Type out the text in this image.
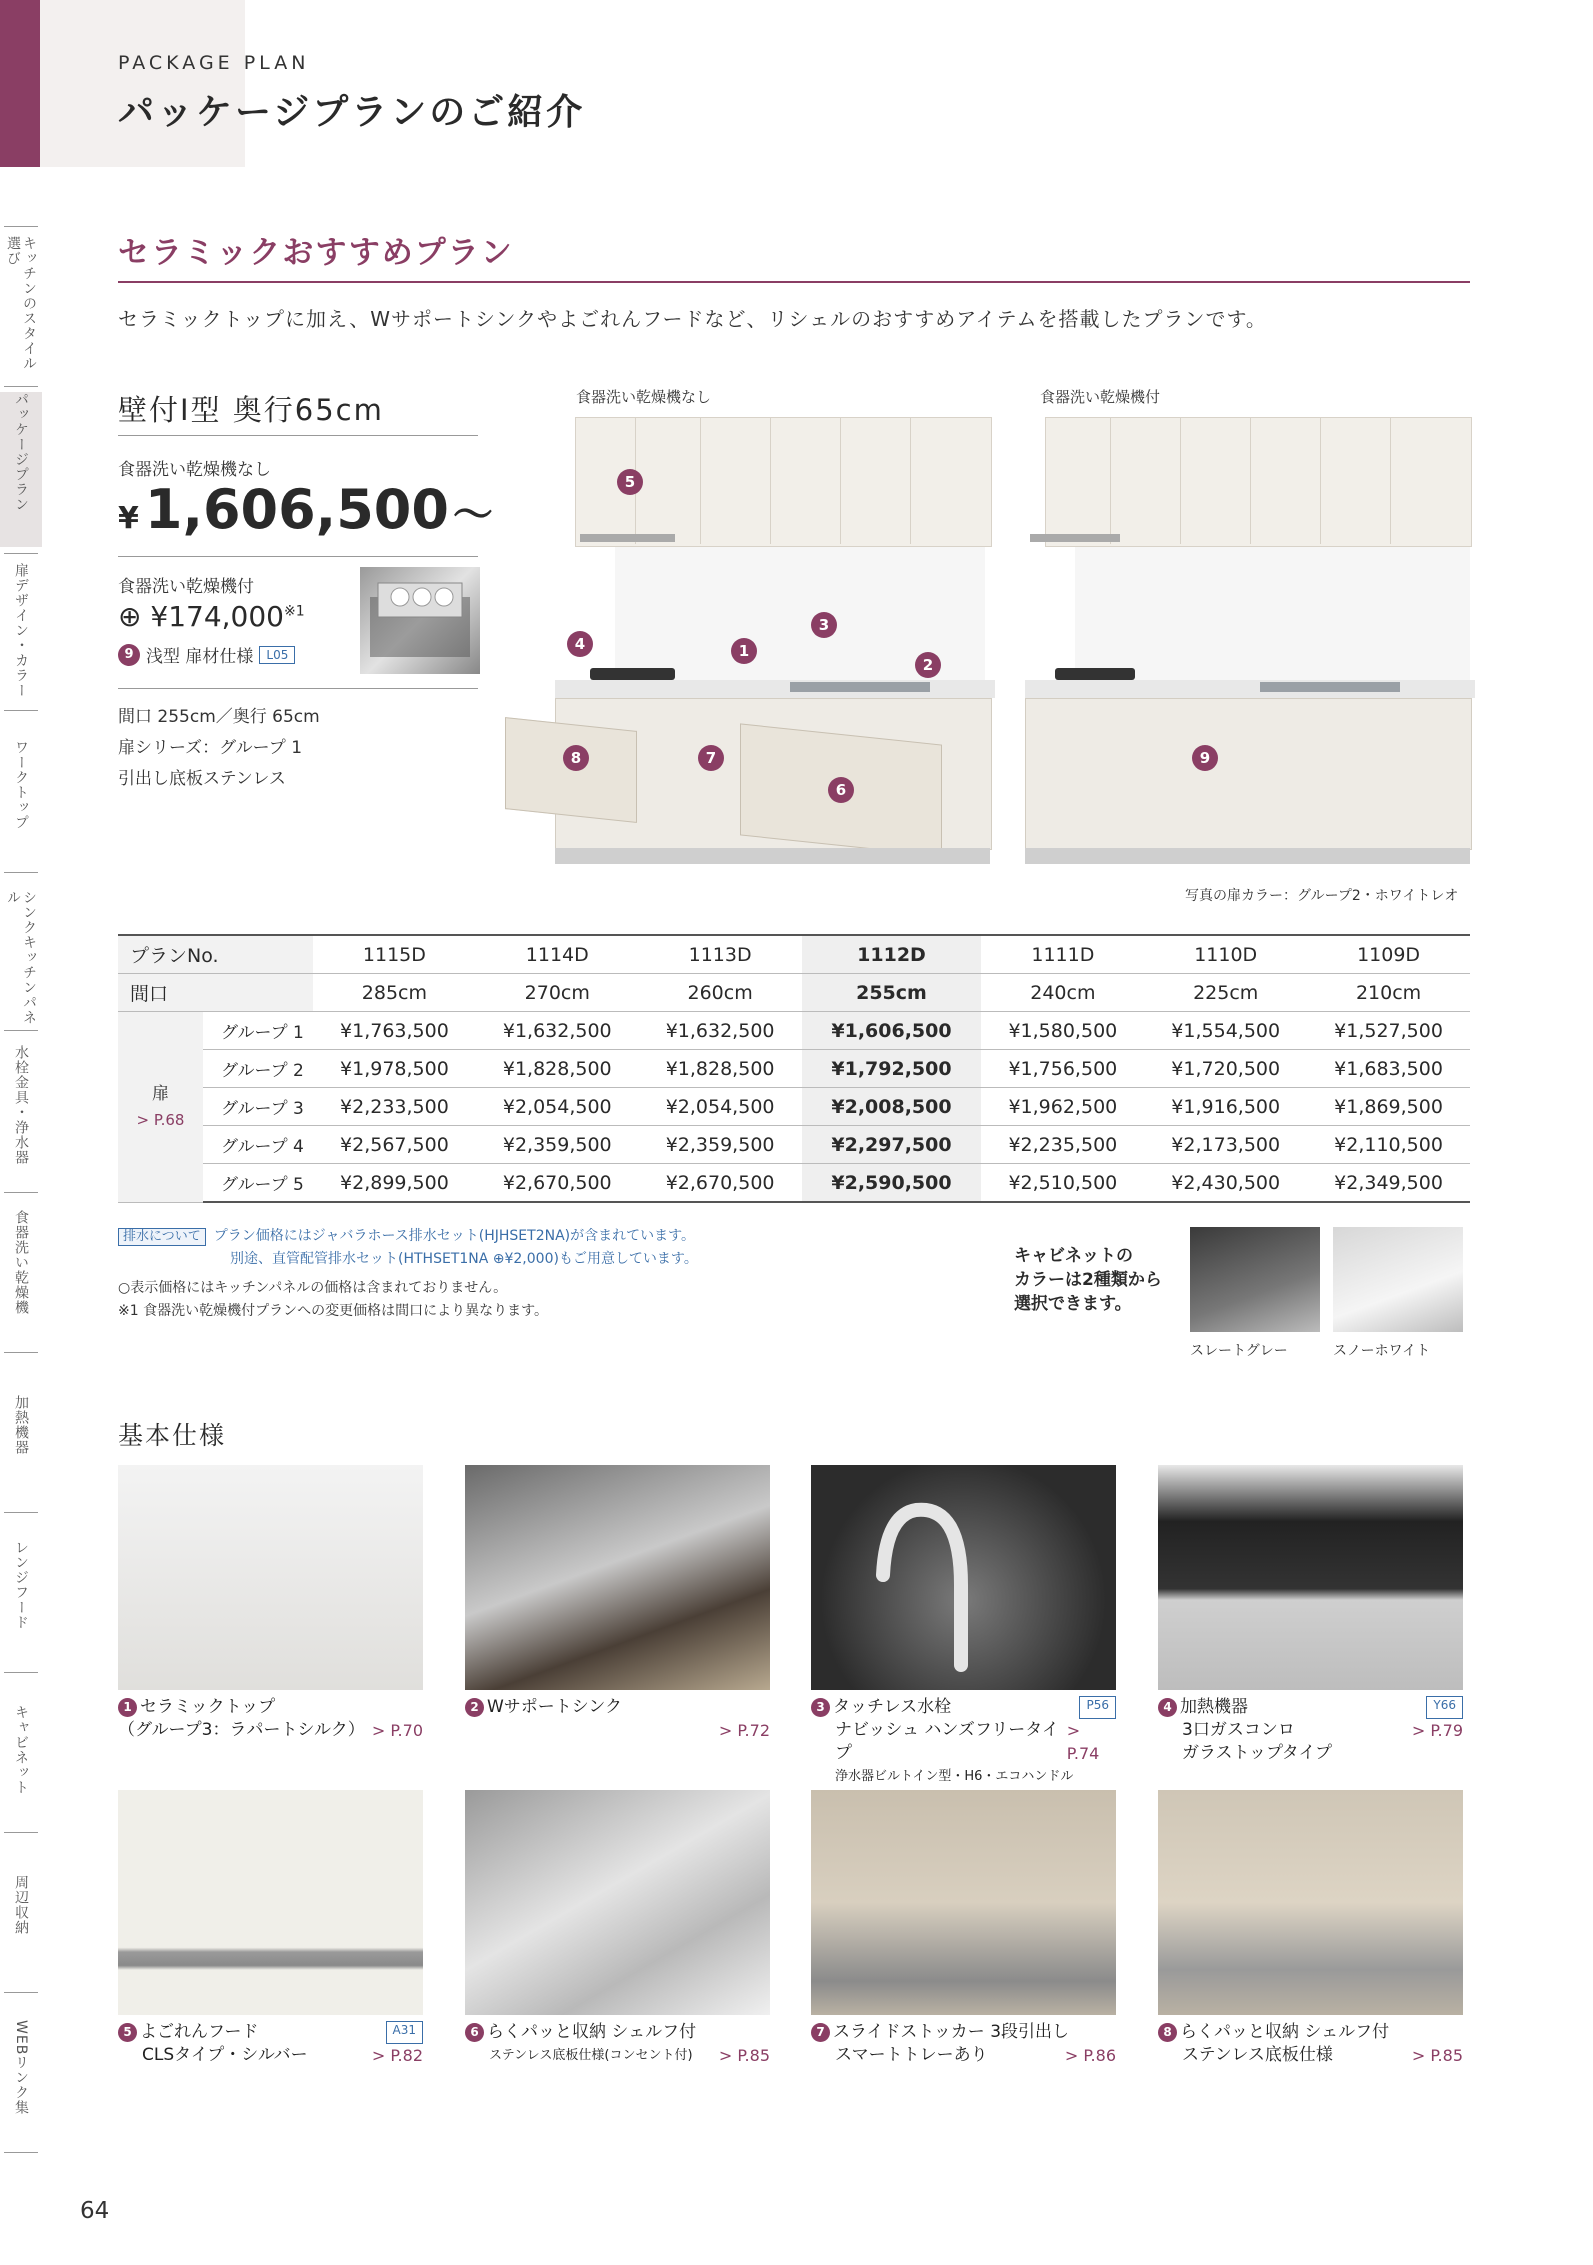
PACKAGE PLAN
パッケージプランのご紹介
キッチンのスタイル選び
パッケージプラン
扉デザイン・カラー
ワークトップ
シンクキッチンパネル
水栓金具・浄水器
食器洗い乾燥機
加熱機器
レンジフード
キャビネット
周辺収納
WEBリンク集
セラミックおすすめプラン
セラミックトップに加え、Wサポートシンクやよごれんフードなど、リシェルのおすすめアイテムを搭載したプランです。
壁付I型 奥行65cm
食器洗い乾燥機なし
¥ 1,606,500 ～
食器洗い乾燥機付
⊕ ¥174,000$^{※1}$
9 浅型 扉材仕様	L05
間口 255cm／奥行 65cm
扉シリーズ：グループ 1
引出し底板ステンレス
食器洗い乾燥機なし	食器洗い乾燥機付
5
4	1
3
2
8	7
6
9
写真の扉カラー：グループ2・ホワイトレオ
プランNo.		1115D	1114D	1113D	1112D	1111D	1110D	1109D
間口		285cm	270cm	260cm	255cm	240cm	225cm	210cm

扉
> P.68	グループ 1	¥1,763,500	¥1,632,500	¥1,632,500	¥1,606,500	¥1,580,500	¥1,554,500	¥1,527,500
	グループ 2	¥1,978,500	¥1,828,500	¥1,828,500	¥1,792,500	¥1,756,500	¥1,720,500	¥1,683,500
	グループ 3	¥2,233,500	¥2,054,500	¥2,054,500	¥2,008,500	¥1,962,500	¥1,916,500	¥1,869,500
	グループ 4	¥2,567,500	¥2,359,500	¥2,359,500	¥2,297,500	¥2,235,500	¥2,173,500	¥2,110,500
	グループ 5	¥2,899,500	¥2,670,500	¥2,670,500	¥2,590,500	¥2,510,500	¥2,430,500	¥2,349,500
排水について プラン価格にはジャバラホース排水セット(HJHSET2NA)が含まれています。
別途、直管配管排水セット(HTHSET1NA ⊕¥2,000)もご用意しています。
○表示価格にはキッチンパネルの価格は含まれておりません。
※1 食器洗い乾燥機付プランへの変更価格は間口により異なります。
キャビネットの
カラーは2種類から
選択できます。
スレートグレー	スノーホワイト
基本仕様
1 セラミックトップ
（グループ3：ラパートシルク） > P.70
2 Wサポートシンク
> P.72
3 タッチレス水栓	P56
ナビッシュ ハンズフリータイプ
> P.74
浄水器ビルトイン型・H6・エコハンドル
4 加熱機器	Y66
3口ガスコンロ	> P.79
ガラストップタイプ
5 よごれんフード	A31
CLSタイプ・シルバー	> P.82
6 らくパッと収納 シェルフ付
ステンレス底板仕様(コンセント付) > P.85
7 スライドストッカー 3段引出し
スマートトレーあり	> P.86
8 らくパッと収納 シェルフ付
ステンレス底板仕様	> P.85
64
